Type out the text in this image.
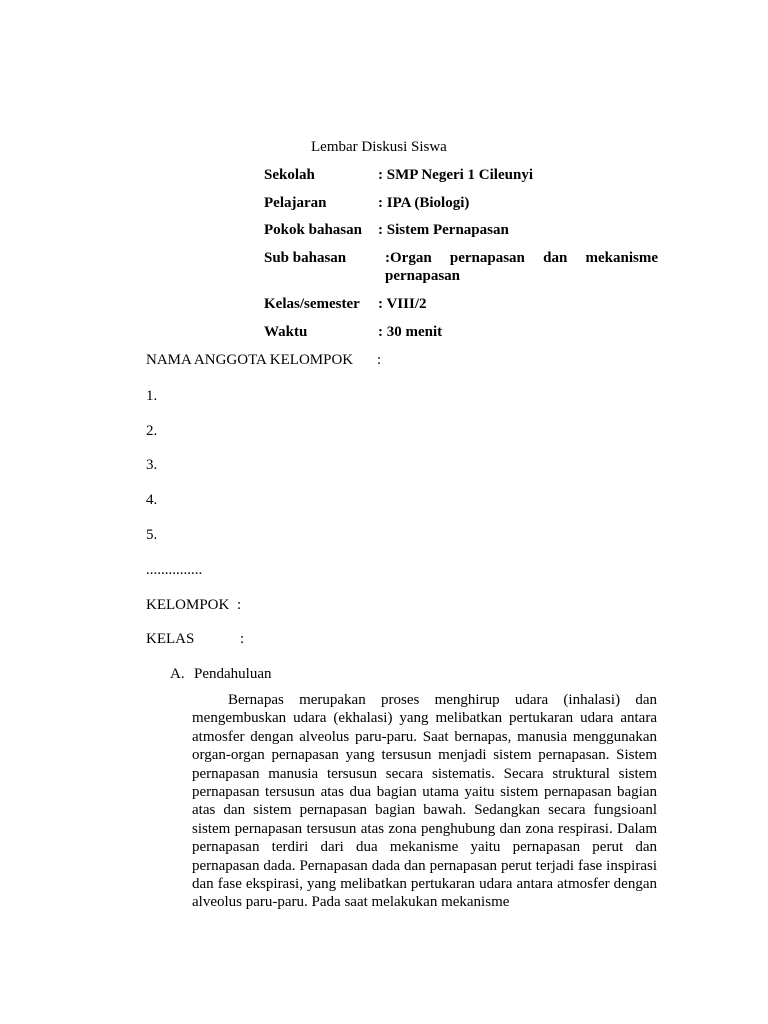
Lembar Diskusi Siswa
Sekolah	: SMP Negeri 1 Cileunyi
Pelajaran	: IPA (Biologi)
Pokok bahasan : Sistem Pernapasan
Sub bahasan	:Organ pernapasan dan mekanisme
pernapasan
Kelas/semester : VIII/2
Waktu	: 30 menit
NAMA ANGGOTA KELOMPOK :
1.
2.
3.
4.
5.
...............
KELOMPOK :
KELAS	:
A. Pendahuluan
Bernapas merupakan proses menghirup udara (inhalasi) dan mengembuskan udara (ekhalasi) yang melibatkan pertukaran udara antara atmosfer dengan alveolus paru-paru. Saat bernapas, manusia menggunakan organ-organ pernapasan yang tersusun menjadi sistem pernapasan. Sistem pernapasan manusia tersusun secara sistematis. Secara struktural sistem pernapasan tersusun atas dua bagian utama yaitu sistem pernapasan bagian atas dan sistem pernapasan bagian bawah. Sedangkan secara fungsioanl sistem pernapasan tersusun atas zona penghubung dan zona respirasi. Dalam pernapasan terdiri dari dua mekanisme yaitu pernapasan perut dan pernapasan dada. Pernapasan dada dan pernapasan perut terjadi fase inspirasi dan fase ekspirasi, yang melibatkan pertukaran udara antara atmosfer dengan alveolus paru-paru. Pada saat melakukan mekanisme
